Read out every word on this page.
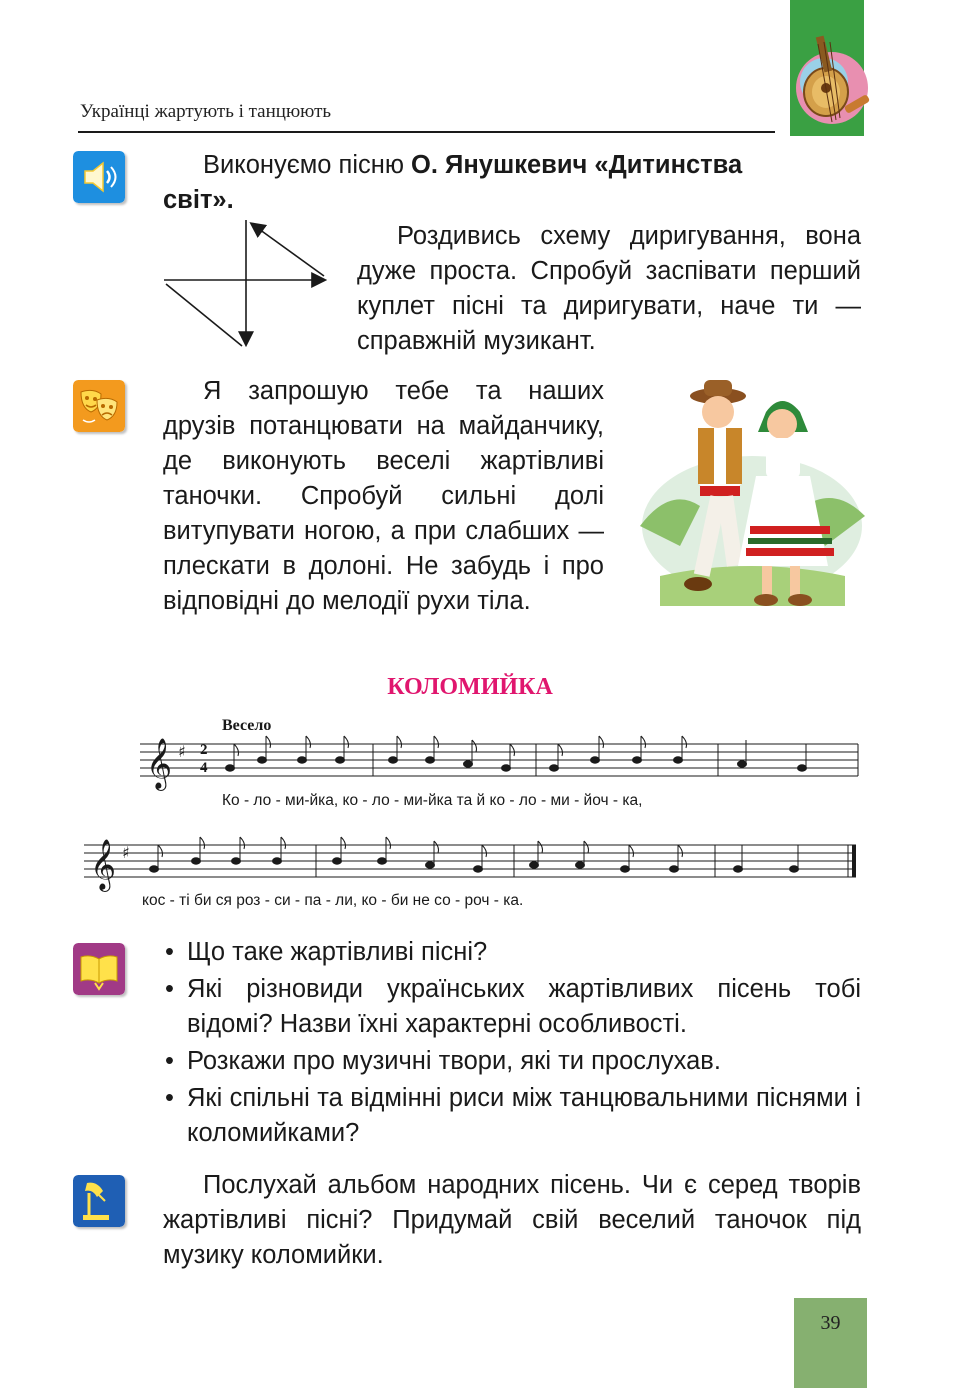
Українці жартують і танцюють
Виконуємо пісню О. Янушкевич «Дитинства
світ».
Роздивись схему диригування, вона дуже проста. Спробуй заспівати перший куплет пісні та диригувати, наче ти — справжній музикант.
Я запрошую тебе та наших друзів потанцювати на майданчику, де виконують веселі жартівливі таночки. Спробуй сильні долі витупувати ногою, а при слабших — плескати в долоні. Не забудь і про відповідні до мелодії рухи тіла.
КОЛОМИЙКА
Весело
𝄞 ♯ 2
4
Ко - ло - ми-йка, ко - ло - ми-йка та й ко - ло - ми - йоч - ка,
𝄞 ♯
кос - ті би ся роз - си - па - ли, ко - би не со - роч - ка.
• Що таке жартівливі пісні?
• Які різновиди українських жартівливих пісень тобі відомі? Назви їхні характерні особливості.
• Розкажи про музичні твори, які ти прослухав.
• Які спільні та відмінні риси між танцювальними піснями і коломийками?
Послухай альбом народних пісень. Чи є серед творів жартівливі пісні? Придумай свій веселий таночок під музику коломийки.
39
